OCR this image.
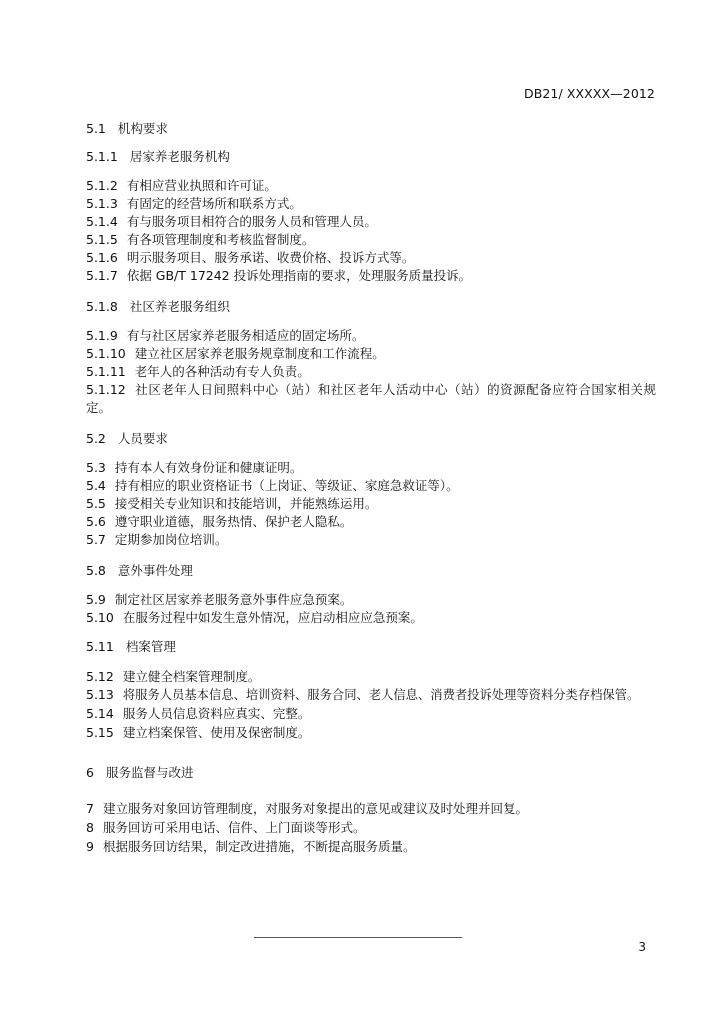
DB21/ XXXXX—2012
5.1 机构要求
5.1.1 居家养老服务机构
5.1.2 有相应营业执照和许可证。
5.1.3 有固定的经营场所和联系方式。
5.1.4 有与服务项目相符合的服务人员和管理人员。
5.1.5 有各项管理制度和考核监督制度。
5.1.6 明示服务项目、服务承诺、收费价格、投诉方式等。
5.1.7 依据 GB/T 17242 投诉处理指南的要求，处理服务质量投诉。
5.1.8 社区养老服务组织
5.1.9 有与社区居家养老服务相适应的固定场所。
5.1.10 建立社区居家养老服务规章制度和工作流程。
5.1.11 老年人的各种活动有专人负责。
5.1.12 社区老年人日间照料中心（站）和社区老年人活动中心（站）的资源配备应符合国家相关规定。
5.2 人员要求
5.3 持有本人有效身份证和健康证明。
5.4 持有相应的职业资格证书（上岗证、等级证、家庭急救证等）。
5.5 接受相关专业知识和技能培训，并能熟练运用。
5.6 遵守职业道德，服务热情、保护老人隐私。
5.7 定期参加岗位培训。
5.8 意外事件处理
5.9 制定社区居家养老服务意外事件应急预案。
5.10 在服务过程中如发生意外情况，应启动相应应急预案。
5.11 档案管理
5.12 建立健全档案管理制度。
5.13 将服务人员基本信息、培训资料、服务合同、老人信息、消费者投诉处理等资料分类存档保管。
5.14 服务人员信息资料应真实、完整。
5.15 建立档案保管、使用及保密制度。
6 服务监督与改进
7 建立服务对象回访管理制度，对服务对象提出的意见或建议及时处理并回复。
8 服务回访可采用电话、信件、上门面谈等形式。
9 根据服务回访结果，制定改进措施，不断提高服务质量。
3
